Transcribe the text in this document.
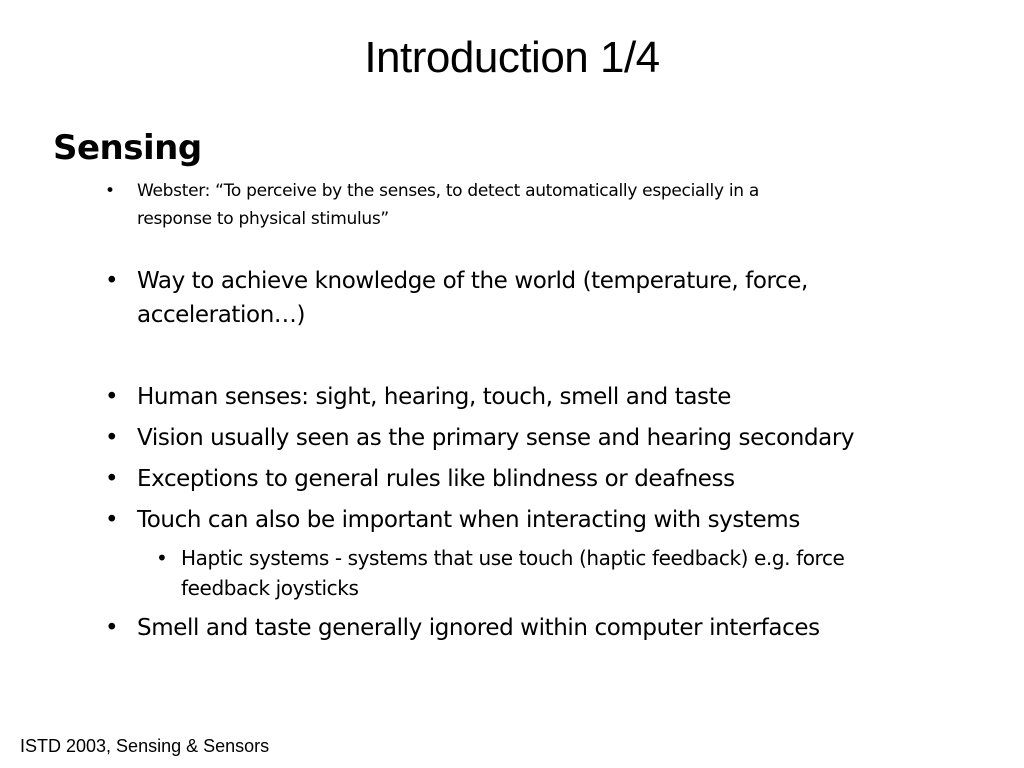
Introduction 1/4
Sensing
• Webster: “To perceive by the senses, to detect automatically especially in a
response to physical stimulus”
• Way to achieve knowledge of the world (temperature, force,
acceleration…)
• Human senses: sight, hearing, touch, smell and taste
• Vision usually seen as the primary sense and hearing secondary
• Exceptions to general rules like blindness or deafness
• Touch can also be important when interacting with systems
• Haptic systems - systems that use touch (haptic feedback) e.g. force
feedback joysticks
• Smell and taste generally ignored within computer interfaces
ISTD 2003, Sensing & Sensors
